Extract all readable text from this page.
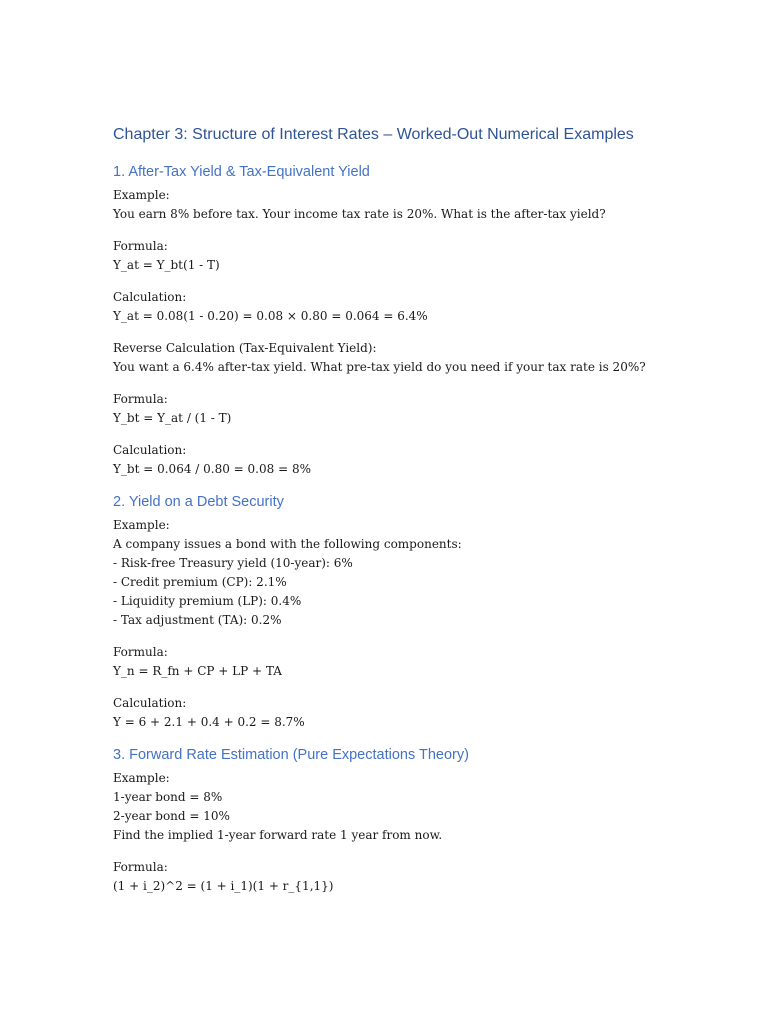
Chapter 3: Structure of Interest Rates – Worked-Out Numerical Examples
1. After-Tax Yield & Tax-Equivalent Yield
Example:
You earn 8% before tax. Your income tax rate is 20%. What is the after-tax yield?
Formula:
Y_at = Y_bt(1 - T)
Calculation:
Y_at = 0.08(1 - 0.20) = 0.08 × 0.80 = 0.064 = 6.4%
Reverse Calculation (Tax-Equivalent Yield):
You want a 6.4% after-tax yield. What pre-tax yield do you need if your tax rate is 20%?
Formula:
Y_bt = Y_at / (1 - T)
Calculation:
Y_bt = 0.064 / 0.80 = 0.08 = 8%
2. Yield on a Debt Security
Example:
A company issues a bond with the following components:
- Risk-free Treasury yield (10-year): 6%
- Credit premium (CP): 2.1%
- Liquidity premium (LP): 0.4%
- Tax adjustment (TA): 0.2%
Formula:
Y_n = R_fn + CP + LP + TA
Calculation:
Y = 6 + 2.1 + 0.4 + 0.2 = 8.7%
3. Forward Rate Estimation (Pure Expectations Theory)
Example:
1-year bond = 8%
2-year bond = 10%
Find the implied 1-year forward rate 1 year from now.
Formula:
(1 + i_2)^2 = (1 + i_1)(1 + r_{1,1})
